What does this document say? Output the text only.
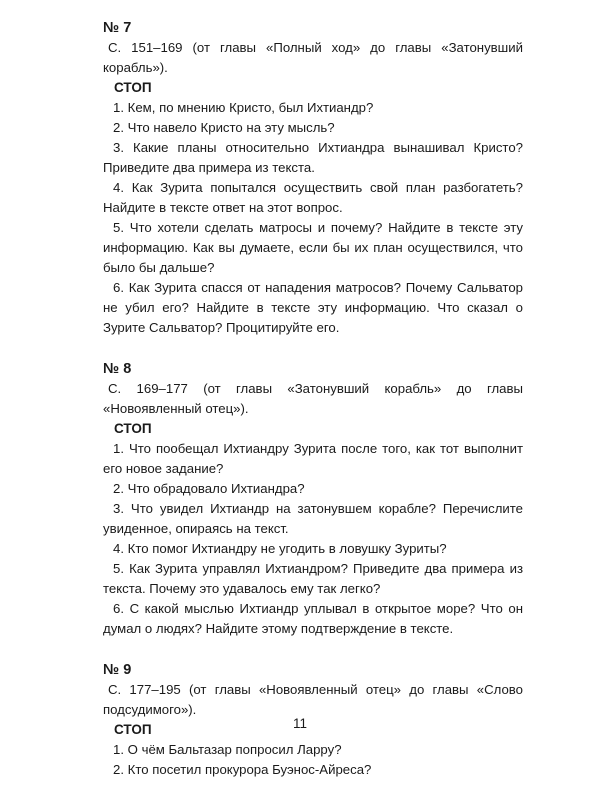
№ 7
С. 151–169 (от главы «Полный ход» до главы «Затонувший корабль»).
СТОП
1. Кем, по мнению Кристо, был Ихтиандр?
2. Что навело Кристо на эту мысль?
3. Какие планы относительно Ихтиандра вынашивал Кристо? Приведите два примера из текста.
4. Как Зурита попытался осуществить свой план разбогатеть? Найдите в тексте ответ на этот вопрос.
5. Что хотели сделать матросы и почему? Найдите в тексте эту информацию. Как вы думаете, если бы их план осуществился, что было бы дальше?
6. Как Зурита спасся от нападения матросов? Почему Сальватор не убил его? Найдите в тексте эту информацию. Что сказал о Зурите Сальватор? Процитируйте его.
№ 8
С. 169–177 (от главы «Затонувший корабль» до главы «Новоявленный отец»).
СТОП
1. Что пообещал Ихтиандру Зурита после того, как тот выполнит его новое задание?
2. Что обрадовало Ихтиандра?
3. Что увидел Ихтиандр на затонувшем корабле? Перечислите увиденное, опираясь на текст.
4. Кто помог Ихтиандру не угодить в ловушку Зуриты?
5. Как Зурита управлял Ихтиандром? Приведите два примера из текста. Почему это удавалось ему так легко?
6. С какой мыслью Ихтиандр уплывал в открытое море? Что он думал о людях? Найдите этому подтверждение в тексте.
№ 9
С. 177–195 (от главы «Новоявленный отец» до главы «Слово подсудимого»).
СТОП
1. О чём Бальтазар попросил Ларру?
2. Кто посетил прокурора Буэнос-Айреса?
11
